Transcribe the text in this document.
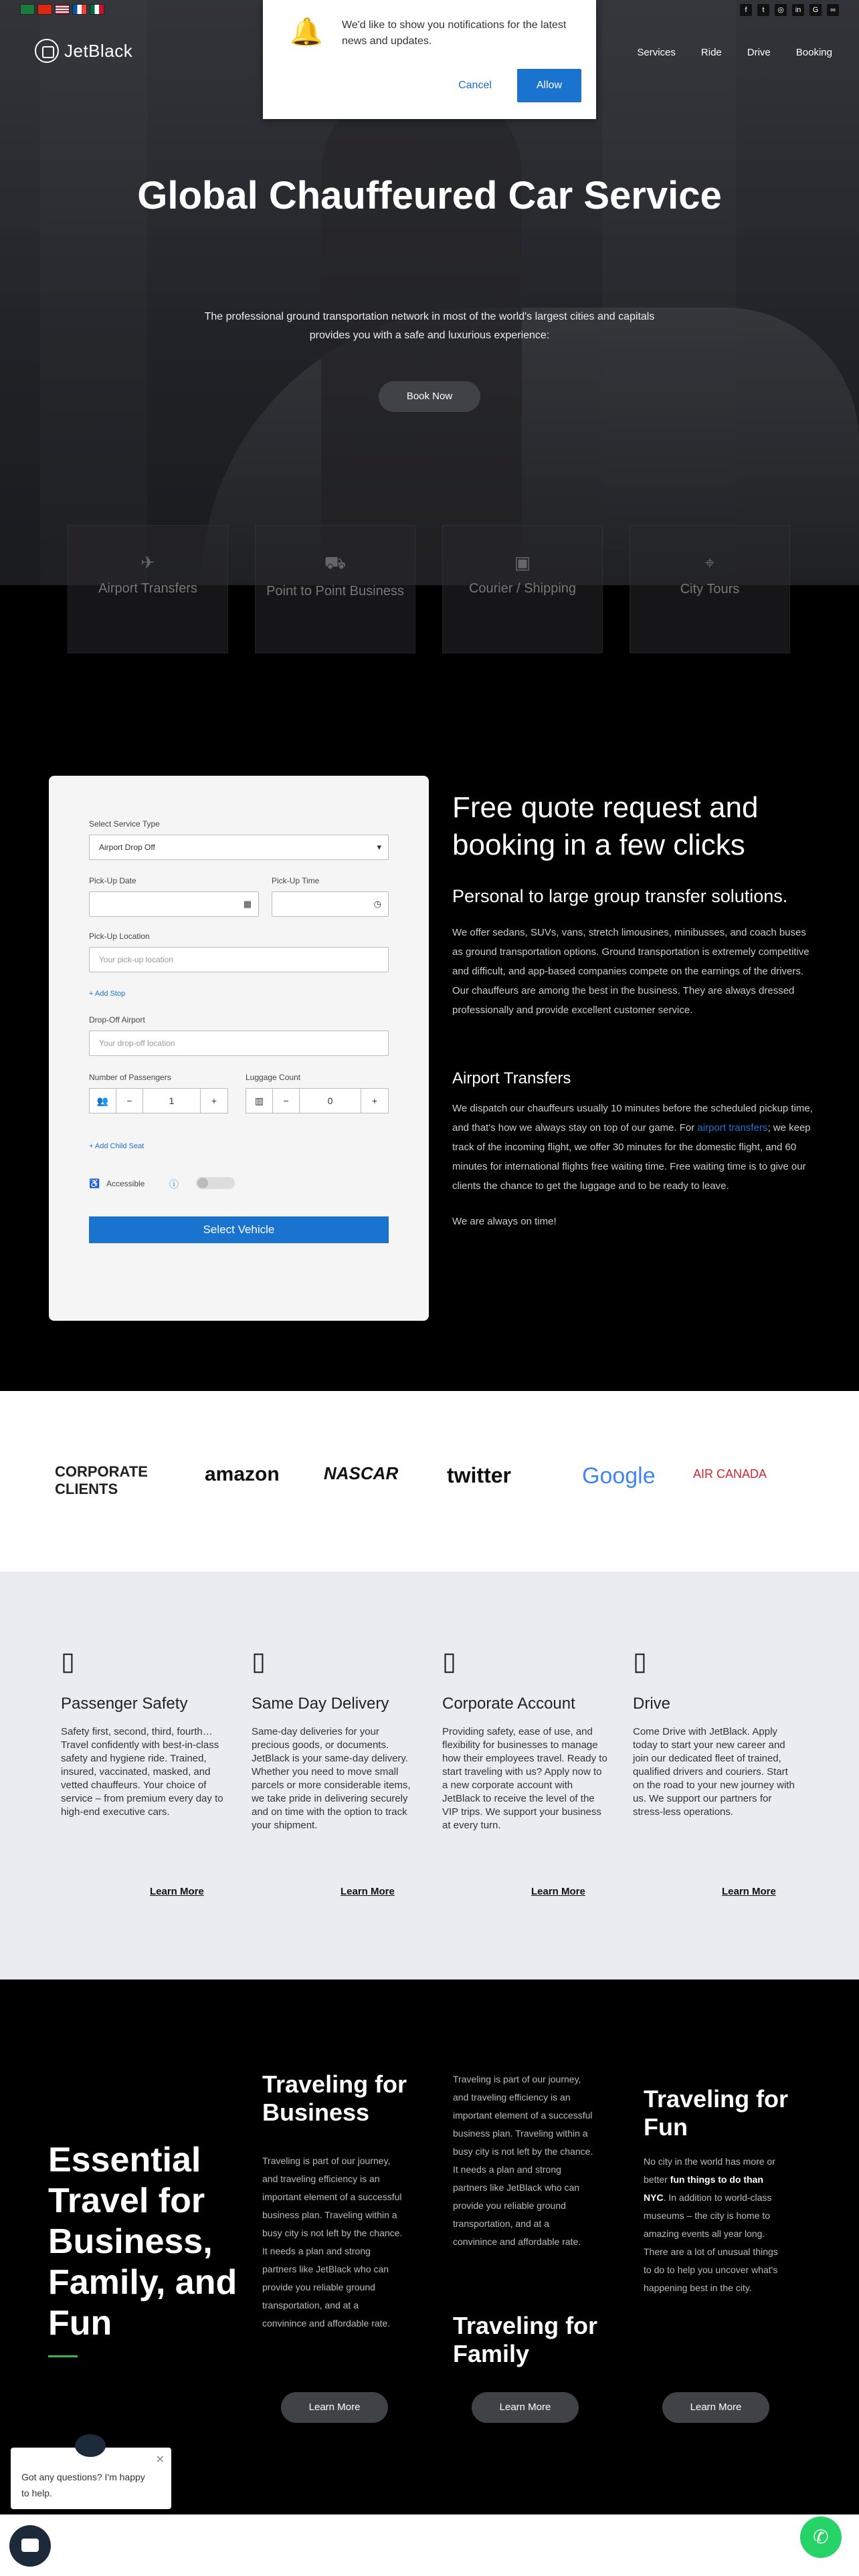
f	t	◎	in	G	∞
JetBlack	Services	Ride	Drive	Booking
Global Chauffeured Car Service
The professional ground transportation network in most of the world's largest cities and capitals provides you with a safe and luxurious experience:
Book Now
✈
Airport Transfers
⛟
Point to Point Business
▣
Courier / Shipping
⌖
City Tours
🔔 We'd like to show you notifications for the latest news and updates.
Cancel	Allow
Select Service Type
Airport Drop Off	▾
Pick-Up Date
▦
Pick-Up Time
◷
Pick-Up Location
Your pick-up location
+ Add Stop
Drop-Off Airport
Your drop-off location
Number of Passengers
👥	−	1	+
Luggage Count
▥	−	0	+
+ Add Child Seat
♿ Accessible	ⓘ
Select Vehicle
Free quote request and booking in a few clicks
Personal to large group transfer solutions.
We offer sedans, SUVs, vans, stretch limousines, minibusses, and coach buses as ground transportation options. Ground transportation is extremely competitive and difficult, and app-based companies compete on the earnings of the drivers. Our chauffeurs are among the best in the business. They are always dressed professionally and provide excellent customer service.
Airport Transfers
We dispatch our chauffeurs usually 10 minutes before the scheduled pickup time, and that's how we always stay on top of our game. For airport transfers; we keep track of the incoming flight, we offer 30 minutes for the domestic flight, and 60 minutes for international flights free waiting time. Free waiting time is to give our clients the chance to get the luggage and to be ready to leave.
We are always on time!
CORPORATE CLIENTS
amazon	NASCAR twitter	Google	AIR CANADA
▯
Passenger Safety
Safety first, second, third, fourth… Travel confidently with best-in-class safety and hygiene ride. Trained, insured, vaccinated, masked, and vetted chauffeurs. Your choice of service – from premium every day to high-end executive cars.
Learn More
▯
Same Day Delivery
Same-day deliveries for your precious goods, or documents. JetBlack is your same-day delivery. Whether you need to move small parcels or more considerable items, we take pride in delivering securely and on time with the option to track your shipment.
Learn More
▯
Corporate Account
Providing safety, ease of use, and flexibility for businesses to manage how their employees travel. Ready to start traveling with us? Apply now to a new corporate account with JetBlack to receive the level of the VIP trips. We support your business at every turn.
Learn More
▯
Drive
Come Drive with JetBlack. Apply today to start your new career and join our dedicated fleet of trained, qualified drivers and couriers. Start on the road to your new journey with us. We support our partners for stress-less operations.
Learn More
Essential Travel for Business, Family, and Fun
Traveling for Business
Traveling is part of our journey, and traveling efficiency is an important element of a successful business plan. Traveling within a busy city is not left by the chance. It needs a plan and strong partners like JetBlack who can provide you reliable ground transportation, and at a convinince and affordable rate.
Traveling is part of our journey, and traveling efficiency is an important element of a successful business plan. Traveling within a busy city is not left by the chance. It needs a plan and strong partners like JetBlack who can provide you reliable ground transportation, and at a convinince and affordable rate.
Traveling for Family
Traveling for Fun
No city in the world has more or better fun things to do than NYC. In addition to world-class museums – the city is home to amazing events all year long. There are a lot of unusual things to do to help you uncover what's happening best in the city.
Learn More	Learn More	Learn More
✕
Got any questions? I'm happy to help.
✆
